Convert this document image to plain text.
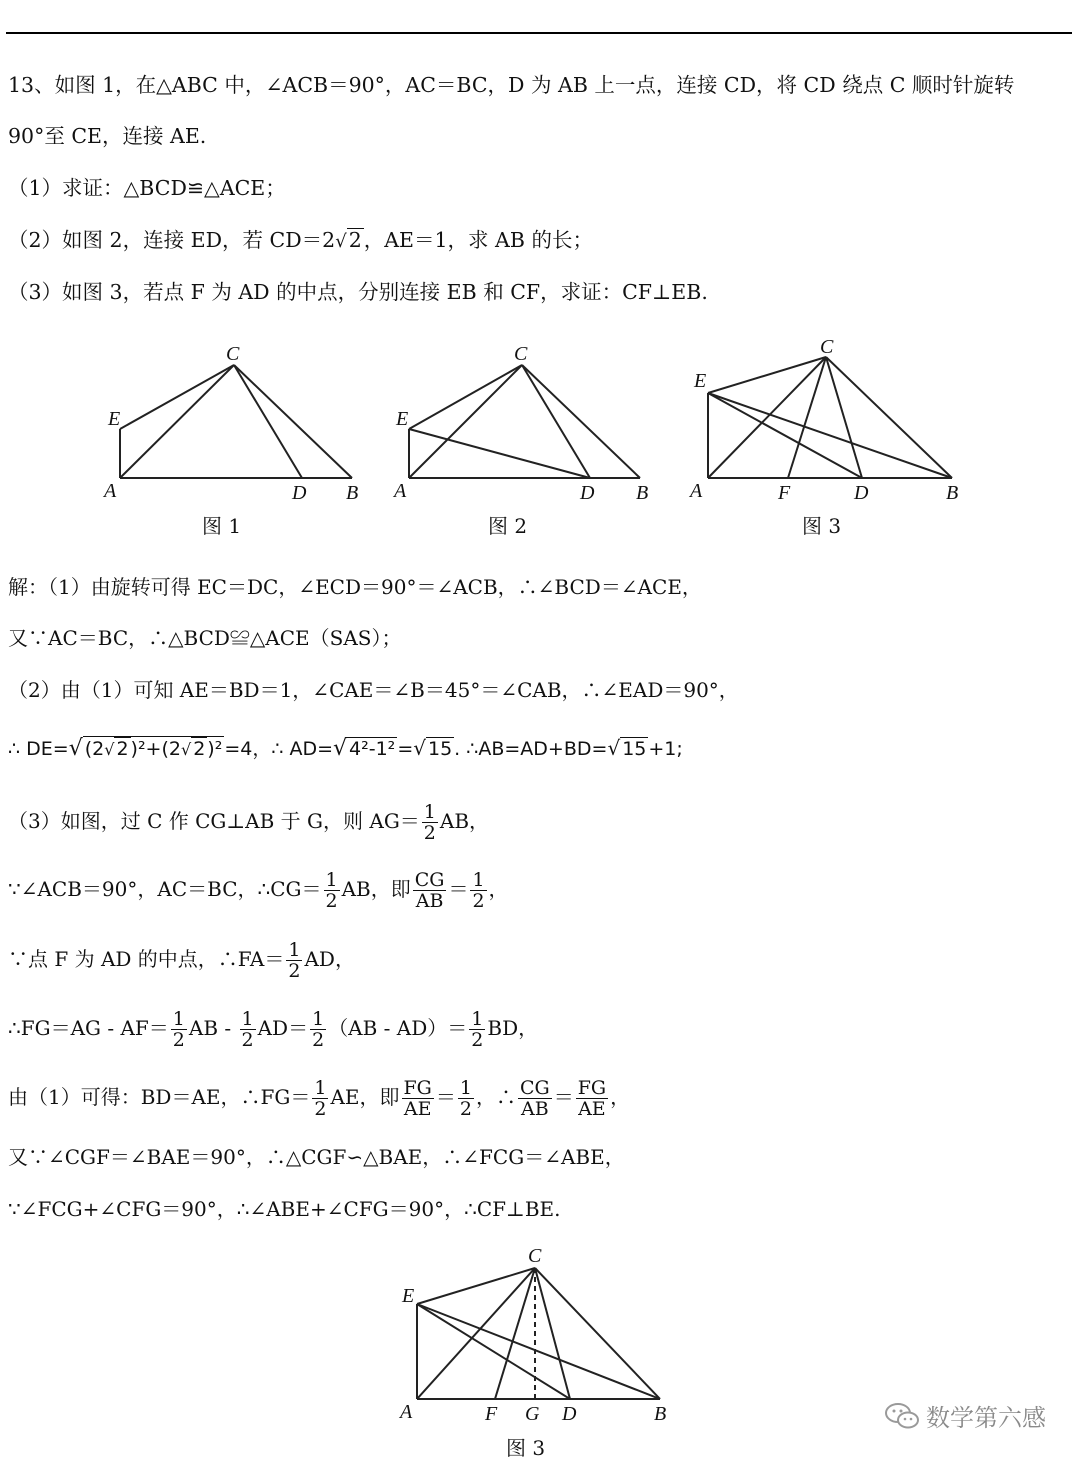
13、如图 1，在△ABC 中，∠ACB＝90°，AC＝BC，D 为 AB 上一点，连接 CD，将 CD 绕点 C 顺时针旋转
90°至 CE，连接 AE.
（1）求证：△BCD≌△ACE；
（2）如图 2，连接 ED，若 CD＝2√2，AE＝1，求 AB 的长；
（3）如图 3，若点 F 为 AD 的中点，分别连接 EB 和 CF，求证：CF⊥EB.
C
E
A	D B
C
E
A	D B
C
E
A	F	D	B
图 1	图 2	图 3
解：（1）由旋转可得 EC＝DC，∠ECD＝90°＝∠ACB，∴∠BCD＝∠ACE，
又∵AC＝BC，∴△BCD≌△ACE（SAS）；
（2）由（1）可知 AE＝BD＝1，∠CAE＝∠B＝45°＝∠CAB，∴∠EAD＝90°，
∴ DE=√ (2√ 2 )²+(2√ 2 )² =4，∴ AD=√ 4²-1² =√ 15 . ∴AB=AD+BD=√ 15 +1;
（3）如图，过 C 作 CG⊥AB 于 G，则 $AG= \frac{1}{2}$ AB，
∵∠ACB＝90°，AC＝BC，∴CG＝ $\frac{1}{2}$ AB，即 $\frac{CG}{AB} = \frac{1}{2}$ ，
∵点 F 为 AD 的中点，∴FA＝ $\frac{1}{2}$ AD，
∴FG＝AG - $AF= \frac{1}{2}$ AB - $\frac{1}{2} AD= \frac{1}{2} (AB - AD)= \frac{1}{2}$ BD，
由（1）可得：BD＝AE，∴FG＝ $\frac{1}{2}$ AE，即 $\frac{FG}{AE} = \frac{1}{2}$ ，∴ $\frac{CG}{AB} = \frac{FG}{AE}$ ，
又∵∠CGF＝∠BAE＝90°，∴△CGF∽△BAE，∴∠FCG＝∠ABE，
∵∠FCG+∠CFG＝90°，∴∠ABE+∠CFG＝90°，∴CF⊥BE.
C
E
A	F G D	B
图 3
数学第六感
